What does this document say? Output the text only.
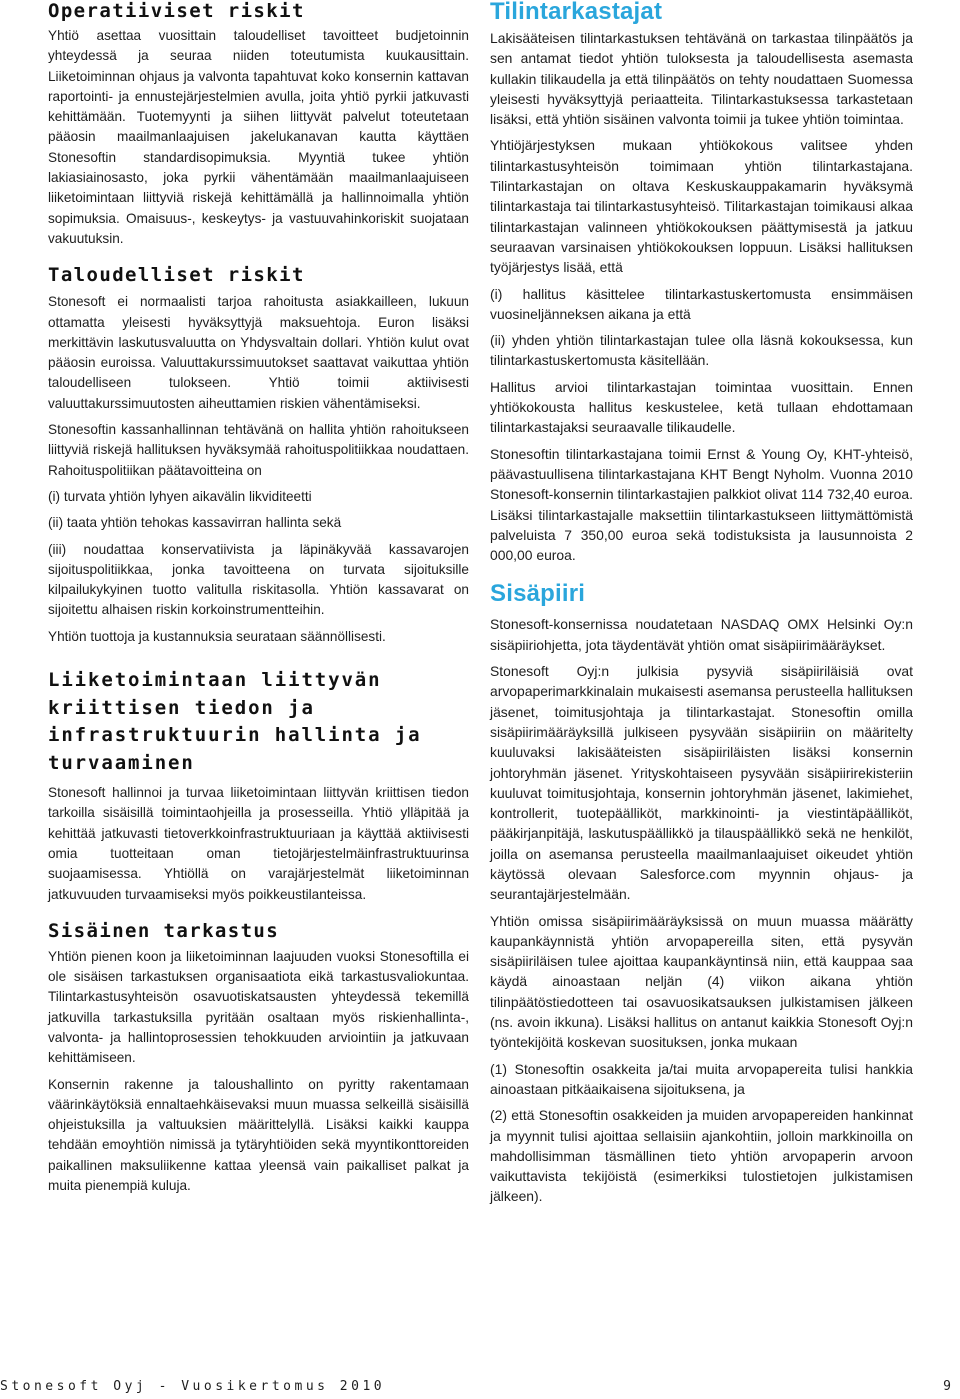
Operatiiviset riskit

Yhtiö asettaa vuosittain taloudelliset tavoitteet budjetoinnin yhteydessä ja seuraa niiden toteutumista kuukausittain. Liiketoiminnan ohjaus ja valvonta tapahtuvat koko konsernin kattavan raportointi- ja ennustejärjestelmien avulla, joita yhtiö pyrkii jatkuvasti kehittämään. Tuotemyynti ja siihen liittyvät palvelut toteutetaan pääosin maailmanlaajuisen jakelukanavan kautta käyttäen Stonesoftin standardisopimuksia. Myyntiä tukee yhtiön lakiasiainosasto, joka pyrkii vähentämään maailmanlaajuiseen liiketoimintaan liittyviä riskejä kehittämällä ja hallinnoimalla yhtiön sopimuksia. Omaisuus-, keskeytys- ja vastuuvahinkoriskit suojataan vakuutuksin.

Taloudelliset riskit

Stonesoft ei normaalisti tarjoa rahoitusta asiakkailleen, lukuun ottamatta yleisesti hyväksyttyjä maksuehtoja. Euron lisäksi merkittävin laskutusvaluutta on Yhdysvaltain dollari. Yhtiön kulut ovat pääosin euroissa. Valuuttakurssimuutokset saattavat vaikuttaa yhtiön taloudelliseen tulokseen. Yhtiö toimii aktiivisesti valuuttakurssimuutosten aiheuttamien riskien vähentämiseksi.

Stonesoftin kassanhallinnan tehtävänä on hallita yhtiön rahoitukseen liittyviä riskejä hallituksen hyväksymää rahoituspolitiikkaa noudattaen. Rahoituspolitiikan päätavoitteina on

(i) turvata yhtiön lyhyen aikavälin likviditeetti

(ii) taata yhtiön tehokas kassavirran hallinta sekä

(iii) noudattaa konservatiivista ja läpinäkyvää kassavarojen sijoituspolitiikkaa, jonka tavoitteena on turvata sijoituksille kilpailukykyinen tuotto valitulla riskitasolla. Yhtiön kassavarat on sijoitettu alhaisen riskin korkoinstrumentteihin.

Yhtiön tuottoja ja kustannuksia seurataan säännöllisesti.

Liiketoimintaan liittyvän kriittisen tiedon ja infrastruktuurin hallinta ja turvaaminen

Stonesoft hallinnoi ja turvaa liiketoimintaan liittyvän kriittisen tiedon tarkoilla sisäisillä toimintaohjeilla ja prosesseilla. Yhtiö ylläpitää ja kehittää jatkuvasti tietoverkkoinfrastruktuuriaan ja käyttää aktiivisesti omia tuotteitaan oman tietojärjestelmäinfrastruktuurinsa suojaamisessa. Yhtiöllä on varajärjestelmät liiketoiminnan jatkuvuuden turvaamiseksi myös poikkeustilanteissa.

Sisäinen tarkastus

Yhtiön pienen koon ja liiketoiminnan laajuuden vuoksi Stonesoftilla ei ole sisäisen tarkastuksen organisaatiota eikä tarkastusvaliokuntaa. Tilintarkastusyhteisön osavuotiskatsausten yhteydessä tekemillä jatkuvilla tarkastuksilla pyritään osaltaan myös riskienhallinta-, valvonta- ja hallintoprosessien tehokkuuden arviointiin ja jatkuvaan kehittämiseen.

Konsernin rakenne ja taloushallinto on pyritty rakentamaan väärinkäytöksiä ennaltaehkäisevaksi muun muassa selkeillä sisäisillä ohjeistuksilla ja valtuuksien määrittelyllä. Lisäksi kaikki kauppa tehdään emoyhtiön nimissä ja tytäryhtiöiden sekä myyntikonttoreiden paikallinen maksuliikenne kattaa yleensä vain paikalliset palkat ja muita pienempiä kuluja.

Tilintarkastajat

Lakisääteisen tilintarkastuksen tehtävänä on tarkastaa tilinpäätös ja sen antamat tiedot yhtiön tuloksesta ja taloudellisesta asemasta kullakin tilikaudella ja että tilinpäätös on tehty noudattaen Suomessa yleisesti hyväksyttyjä periaatteita. Tilintarkastuksessa tarkastetaan lisäksi, että yhtiön sisäinen valvonta toimii ja tukee yhtiön toimintaa.

Yhtiöjärjestyksen mukaan yhtiökokous valitsee yhden tilintarkastusyhteisön toimimaan yhtiön tilintarkastajana. Tilintarkastajan on oltava Keskuskauppakamarin hyväksymä tilintarkastaja tai tilintarkastusyhteisö. Tilitarkastajan toimikausi alkaa tilintarkastajan valinneen yhtiökokouksen päättymisestä ja jatkuu seuraavan varsinaisen yhtiökokouksen loppuun. Lisäksi hallituksen työjärjestys lisää, että

(i) hallitus käsittelee tilintarkastuskertomusta ensimmäisen vuosineljänneksen aikana ja että

(ii) yhden yhtiön tilintarkastajan tulee olla läsnä kokouksessa, kun tilintarkastuskertomusta käsitellään.

Hallitus arvioi tilintarkastajan toimintaa vuosittain. Ennen yhtiökokousta hallitus keskustelee, ketä tullaan ehdottamaan tilintarkastajaksi seuraavalle tilikaudelle.

Stonesoftin tilintarkastajana toimii Ernst & Young Oy, KHT-yhteisö, päävastuullisena tilintarkastajana KHT Bengt Nyholm. Vuonna 2010 Stonesoft-konsernin tilintarkastajien palkkiot olivat 114 732,40 euroa. Lisäksi tilintarkastajalle maksettiin tilintarkastukseen liittymättömistä palveluista 7 350,00 euroa sekä todistuksista ja lausunnoista 2 000,00 euroa.

Sisäpiiri

Stonesoft-konsernissa noudatetaan NASDAQ OMX Helsinki Oy:n sisäpiiriohjetta, jota täydentävät yhtiön omat sisäpiirimääräykset.

Stonesoft Oyj:n julkisia pysyviä sisäpiiriläisiä ovat arvopaperimarkkinalain mukaisesti asemansa perusteella hallituksen jäsenet, toimitusjohtaja ja tilintarkastajat. Stonesoftin omilla sisäpiirimääräyksillä julkiseen pysyvään sisäpiiriin on määritelty kuuluvaksi lakisääteisten sisäpiiriläisten lisäksi konsernin johtoryhmän jäsenet. Yrityskohtaiseen pysyvään sisäpiirirekisteriin kuuluvat toimitusjohtaja, konsernin johtoryhmän jäsenet, lakimiehet, kontrollerit, tuotepäälliköt, markkinointi- ja viestintäpäälliköt, pääkirjanpitäjä, laskutuspäällikkö ja tilauspäällikkö sekä ne henkilöt, joilla on asemansa perusteella maailmanlaajuiset oikeudet yhtiön käytössä olevaan Salesforce.com myynnin ohjaus- ja seurantajärjestelmään.

Yhtiön omissa sisäpiirimääräyksissä on muun muassa määrätty kaupankäynnistä yhtiön arvopapereilla siten, että pysyvän sisäpiiriläisen tulee ajoittaa kaupankäyntinsä niin, että kauppaa saa käydä ainoastaan neljän (4) viikon aikana yhtiön tilinpäätöstiedotteen tai osavuosikatsauksen julkistamisen jälkeen (ns. avoin ikkuna). Lisäksi hallitus on antanut kaikkia Stonesoft Oyj:n työntekijöitä koskevan suosituksen, jonka mukaan

(1) Stonesoftin osakkeita ja/tai muita arvopapereita tulisi hankkia ainoastaan pitkäaikaisena sijoituksena, ja

(2) että Stonesoftin osakkeiden ja muiden arvopapereiden hankinnat ja myynnit tulisi ajoittaa sellaisiin ajankohtiin, jolloin markkinoilla on mahdollisimman täsmällinen tieto yhtiön arvopaperin arvoon vaikuttavista tekijöistä (esimerkiksi tulostietojen julkistamisen jälkeen).

Stonesoft Oyj - Vuosikertomus 2010	9
